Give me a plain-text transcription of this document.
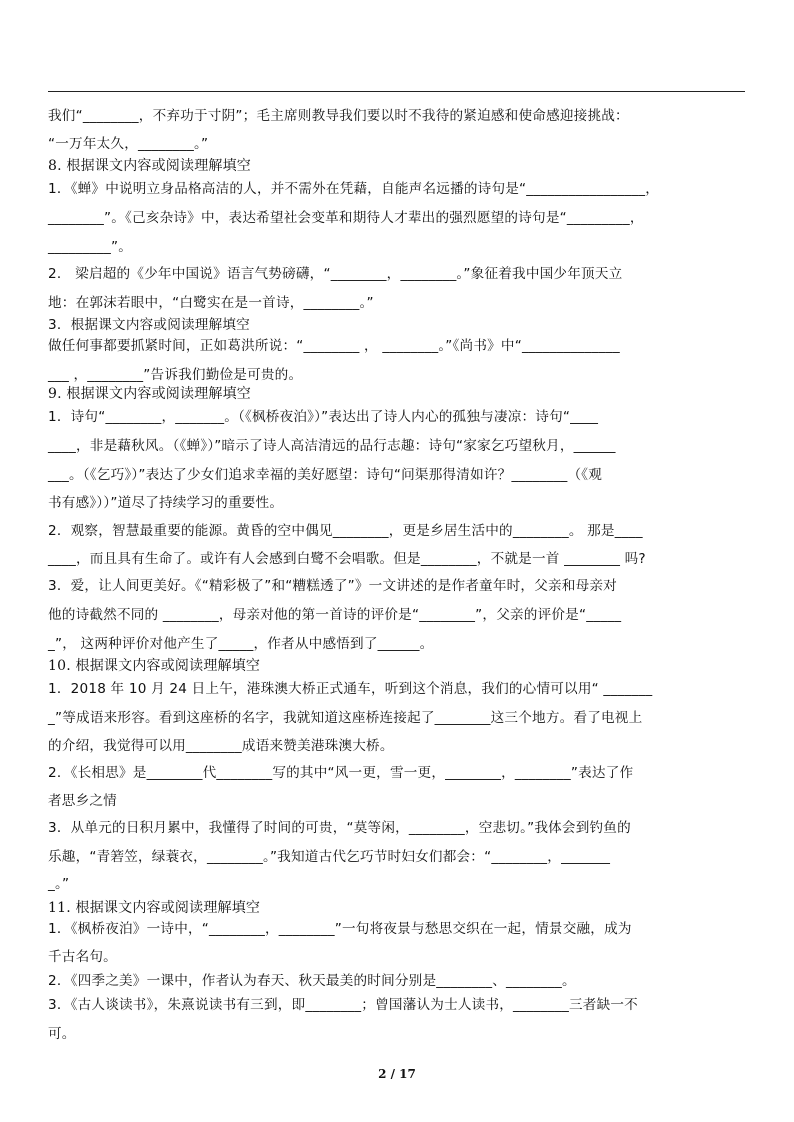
我们“________，不弃功于寸阴”；毛主席则教导我们要以时不我待的紧迫感和使命感迎接挑战：
“一万年太久，________。”
8. 根据课文内容或阅读理解填空
1．《蝉》中说明立身品格高洁的人，并不需外在凭藉，自能声名远播的诗句是“_________________，
________”。《己亥杂诗》中，表达希望社会变革和期待人才辈出的强烈愿望的诗句是“_________，
_________”。
2． 梁启超的《少年中国说》语言气势磅礴，“________，________。”象征着我中国少年顶天立
地：在郭沫若眼中，“白鹭实在是一首诗，________。”
3．根据课文内容或阅读理解填空
做任何事都要抓紧时间，正如葛洪所说：“________ ， ________。”《尚书》中“______________
___ ，________”告诉我们勤俭是可贵的。
9. 根据课文内容或阅读理解填空
1．诗句“________，_______。（《枫桥夜泊》）”表达出了诗人内心的孤独与凄凉：诗句“____
____，非是藉秋风。（《蝉》）”暗示了诗人高洁清远的品行志趣：诗句“家家乞巧望秋月，______
___。（《乞巧》）”表达了少女们追求幸福的美好愿望：诗句“问渠那得清如许？________（《观
书有感》））”道尽了持续学习的重要性。
2．观察，智慧最重要的能源。黄昏的空中偶见________，更是乡居生活中的________。 那是____
____，而且具有生命了。或许有人会感到白鹭不会唱歌。但是________，不就是一首 ________ 吗?
3．爱，让人间更美好。《“精彩极了”和“糟糕透了”》一文讲述的是作者童年时，父亲和母亲对
他的诗截然不同的 ________，母亲对他的第一首诗的评价是“________”，父亲的评价是“_____
_”， 这两种评价对他产生了_____，作者从中感悟到了______。
10. 根据课文内容或阅读理解填空
1．2018 年 10 月 24 日上午，港珠澳大桥正式通车，听到这个消息，我们的心情可以用“ _______
_”等成语来形容。看到这座桥的名字，我就知道这座桥连接起了________这三个地方。看了电视上
的介绍，我觉得可以用________成语来赞美港珠澳大桥。
2．《长相思》是________代________写的其中“风一更，雪一更，________，________”表达了作
者思乡之情
3．从单元的日积月累中，我懂得了时间的可贵，“莫等闲，________，空悲切。”我体会到钓鱼的
乐趣，“青箬笠，绿蓑衣，________。”我知道古代乞巧节时妇女们都会：“________，_______
_。”
11. 根据课文内容或阅读理解填空
1．《枫桥夜泊》一诗中，“________，________”一句将夜景与愁思交织在一起，情景交融，成为
千古名句。
2．《四季之美》一课中，作者认为春天、秋天最美的时间分别是________、________。
3．《古人谈读书》，朱熹说读书有三到，即________；曾国藩认为士人读书，________三者缺一不
可。
2 / 17
